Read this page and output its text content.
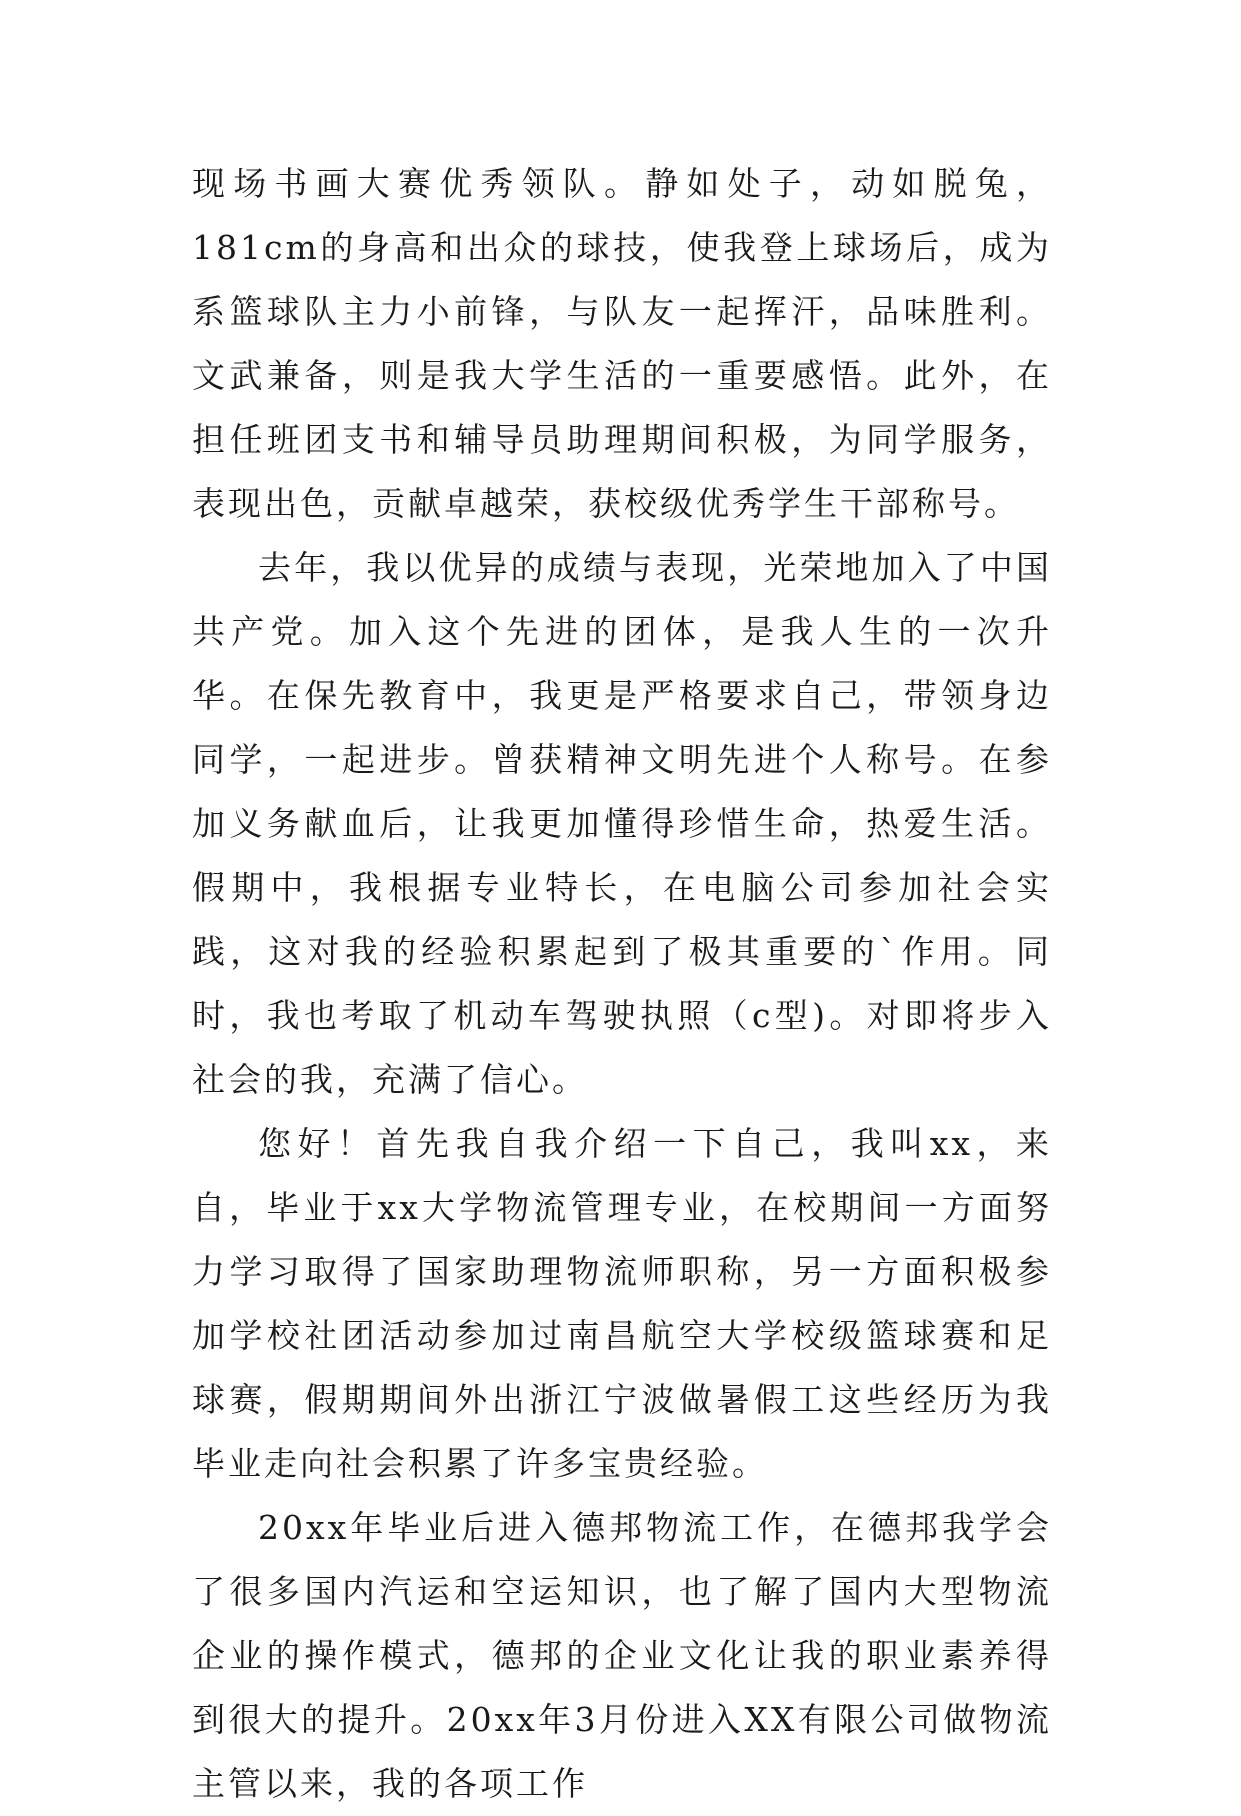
现场书画大赛优秀领队。静如处子，动如脱兔，181cm的身高和出众的球技，使我登上球场后，成为系篮球队主力小前锋，与队友一起挥汗，品味胜利。文武兼备，则是我大学生活的一重要感悟。此外，在担任班团支书和辅导员助理期间积极，为同学服务，表现出色，贡献卓越荣，获校级优秀学生干部称号。

去年，我以优异的成绩与表现，光荣地加入了中国共产党。加入这个先进的团体，是我人生的一次升华。在保先教育中，我更是严格要求自己，带领身边同学，一起进步。曾获精神文明先进个人称号。在参加义务献血后，让我更加懂得珍惜生命，热爱生活。假期中，我根据专业特长，在电脑公司参加社会实践，这对我的经验积累起到了极其重要的`作用。同时，我也考取了机动车驾驶执照（c型)。对即将步入社会的我，充满了信心。

您好！首先我自我介绍一下自己，我叫xx，来自，毕业于xx大学物流管理专业，在校期间一方面努力学习取得了国家助理物流师职称，另一方面积极参加学校社团活动参加过南昌航空大学校级篮球赛和足球赛，假期期间外出浙江宁波做暑假工这些经历为我毕业走向社会积累了许多宝贵经验。

20xx年毕业后进入德邦物流工作，在德邦我学会了很多国内汽运和空运知识，也了解了国内大型物流企业的操作模式，德邦的企业文化让我的职业素养得到很大的提升。20xx年3月份进入XX有限公司做物流主管以来，我的各项工作
